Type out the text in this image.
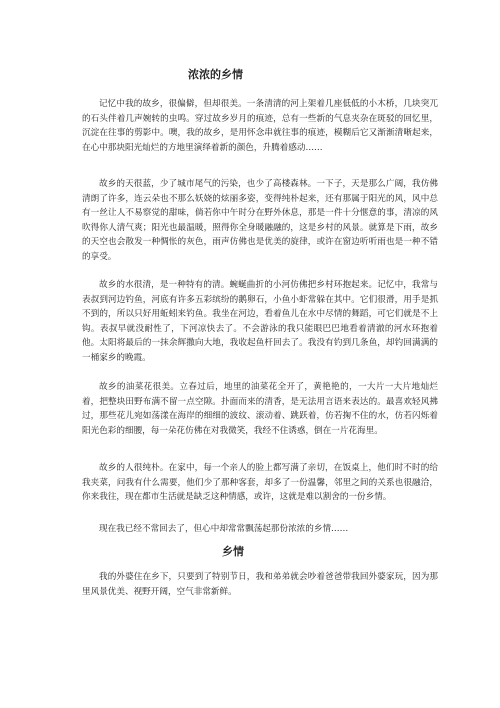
浓浓的乡情

记忆中我的故乡，很偏僻，但却很美。一条清清的河上架着几座低低的小木桥，几块突兀的石头伴着几声婉转的虫鸣。穿过故乡岁月的痕迹，总有一些新的气息夹杂在斑驳的回忆里，沉淀在往事的剪影中。噢，我的故乡，是用怀念串就往事的痕迹，模糊后它又渐渐清晰起来，在心中那块阳光灿烂的方地里演绎着新的颜色，升腾着感动……

故乡的天很蓝，少了城市尾气的污染，也少了高楼森林。一下子，天是那么广阔，我仿佛清朗了许多，连云朵也不那么妖娆的炫丽多姿，变得纯朴起来，还有那属于阳光的风，风中总有一丝让人不易察觉的甜味，倘若你中午时分在野外休息，那是一件十分惬意的事，清凉的风吹得你人清气爽；阳光也最温暖，照得你全身暖融融的，这是乡村的风景。就算是下雨，故乡的天空也会散发一种惆怅的灰色，雨声仿佛也是优美的旋律，或许在窗边听听雨也是一种不错的享受。

故乡的水很清，是一种特有的清。蜿蜒曲折的小河仿佛把乡村环抱起来。记忆中，我常与表叔到河边钓鱼，河底有许多五彩缤纷的鹅卵石，小鱼小虾常躲在其中。它们很滑，用手是抓不到的，所以只好用蚯蚓来钓鱼。我坐在河边，看着鱼儿在水中尽情的舞蹈，可它们就是不上钩。表叔早就没耐性了，下河凉快去了。不会游泳的我只能眼巴巴地看着清澈的河水环抱着他。太阳将最后的一抹余辉撒向大地，我收起鱼杆回去了。我没有钓到几条鱼，却钓回满满的一桶家乡的晚霞。

故乡的油菜花很美。立春过后，地里的油菜花全开了，黄艳艳的，一大片一大片地灿烂着，把整块田野布满不留一点空隙。扑面而来的清香，是无法用言语来表达的。最喜欢轻风拂过，那些花儿宛如荡漾在海岸的细细的波纹、滚动着、跳跃着，仿若掬不住的水，仿若闪烁着阳光色彩的细腰，每一朵花仿佛在对我微笑，我经不住诱惑，倒在一片花海里。

故乡的人很纯朴。在家中，每一个亲人的脸上都写满了亲切，在饭桌上，他们时不时的给我夹菜，问我有什么需要，他们少了那种客套，却多了一份温馨，邻里之间的关系也很融洽，你来我往，现在都市生活就是缺乏这种情感，或许，这就是难以割舍的一份乡情。

现在我已经不常回去了，但心中却常常飘荡起那份浓浓的乡情……

乡情

我的外婆住在乡下，只要到了特别节日，我和弟弟就会吵着爸爸带我回外婆家玩，因为那里风景优美、视野开阔，空气非常新鲜。
